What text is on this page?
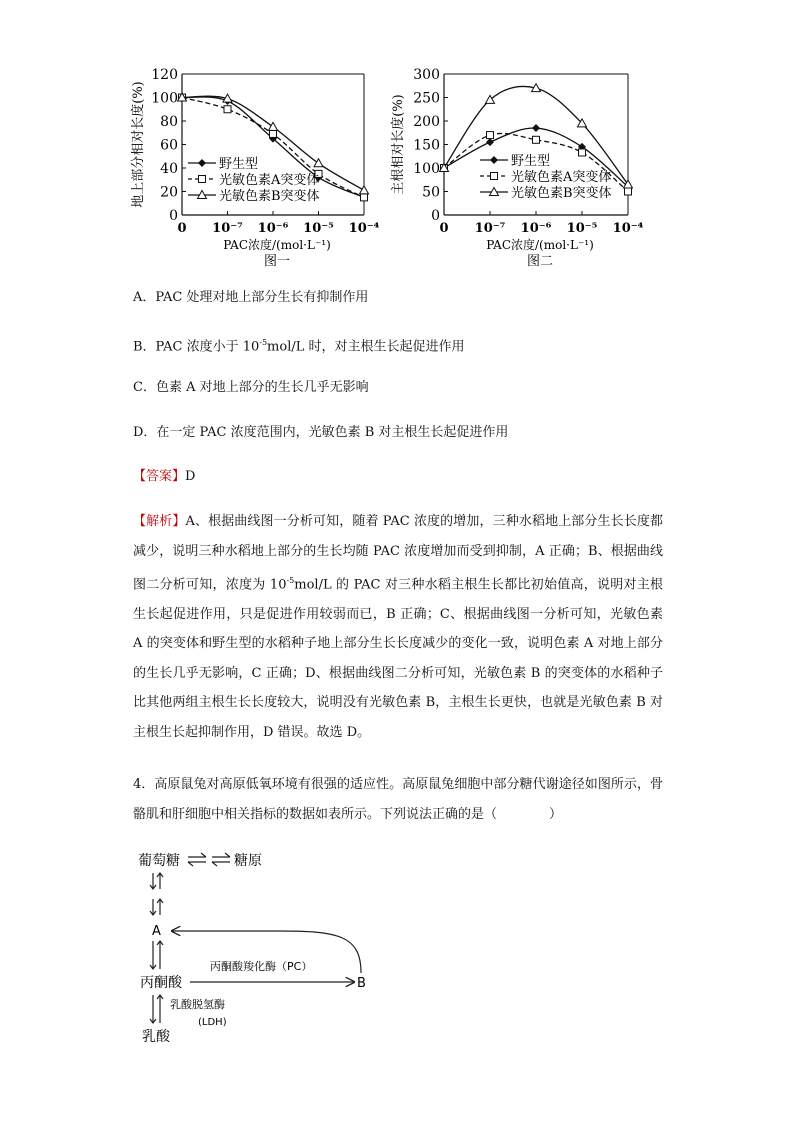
0
20
40
60
80
100
120
0 10⁻⁷ 10⁻⁶ 10⁻⁵ 10⁻⁴
地上部分相对长度(%)
PAC浓度/(mol·L⁻¹)
图一
野生型
光敏色素A突变体
光敏色素B突变体
0
50
100
150
200
250
300
0 10⁻⁷ 10⁻⁶ 10⁻⁵ 10⁻⁴
主根相对长度(%)
PAC浓度/(mol·L⁻¹)
图二
野生型
光敏色素A突变体
光敏色素B突变体
A．PAC 处理对地上部分生长有抑制作用
B．PAC 浓度小于 $10^{-5}mol/L$ 时，对主根生长起促进作用
C．色素 A 对地上部分的生长几乎无影响
D．在一定 PAC 浓度范围内，光敏色素 B 对主根生长起促进作用
【答案】D
【解析】A、根据曲线图一分析可知，随着 PAC 浓度的增加，三种水稻地上部分生长长度都减少，说明三种水稻地上部分的生长均随 PAC 浓度增加而受到抑制，A 正确；B、根据曲线图二分析可知，浓度为 $10^{-5}mol/L$ 的 PAC 对三种水稻主根生长都比初始值高，说明对主根生长起促进作用，只是促进作用较弱而已，B 正确；C、根据曲线图一分析可知，光敏色素 A 的突变体和野生型的水稻种子地上部分生长长度减少的变化一致，说明色素 A 对地上部分的生长几乎无影响，C 正确；D、根据曲线图二分析可知，光敏色素 B 的突变体的水稻种子比其他两组主根生长长度较大，说明没有光敏色素 B，主根生长更快，也就是光敏色素 B 对主根生长起抑制作用，D 错误。故选 D。
4．高原鼠兔对高原低氧环境有很强的适应性。高原鼠兔细胞中部分糖代谢途径如图所示，骨骼肌和肝细胞中相关指标的数据如表所示。下列说法正确的是（　　　　）
葡萄糖	糖原
A
丙酮酸
丙酮酸羧化酶（PC）
B
乳酸脱氢酶
(LDH)
乳酸
